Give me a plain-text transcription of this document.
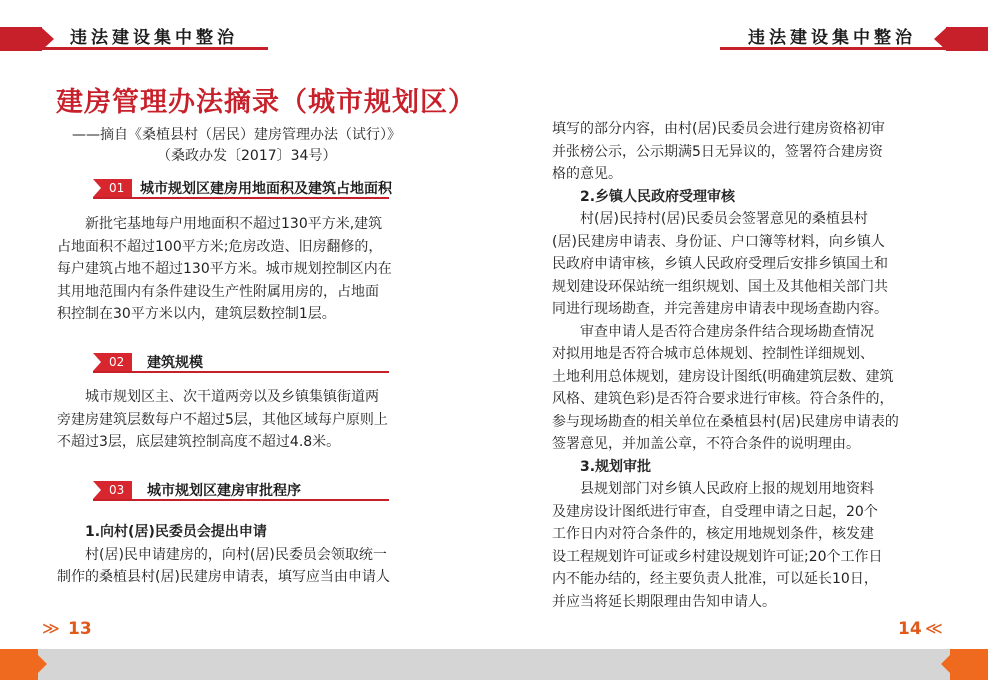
违法建设集中整治	违法建设集中整治
建房管理办法摘录（城市规划区）
——摘自《桑植县村（居民）建房管理办法（试行）》
（桑政办发〔2017〕34号）
01	城市规划区建房用地面积及建筑占地面积

新批宅基地每户用地面积不超过130平方米,建筑

占地面积不超过100平方米;危房改造、旧房翻修的，

每户建筑占地不超过130平方米。城市规划控制区内在

其用地范围内有条件建设生产性附属用房的，占地面

积控制在30平方米以内，建筑层数控制1层。

02	建筑规模

城市规划区主、次干道两旁以及乡镇集镇街道两

旁建房建筑层数每户不超过5层，其他区域每户原则上

不超过3层，底层建筑控制高度不超过4.8米。

03	城市规划区建房审批程序

1.向村(居)民委员会提出申请

村(居)民申请建房的，向村(居)民委员会领取统一

制作的桑植县村(居)民建房申请表，填写应当由申请人

≫ 13

填写的部分内容，由村(居)民委员会进行建房资格初审

并张榜公示，公示期满5日无异议的，签署符合建房资

格的意见。

2.乡镇人民政府受理审核

村(居)民持村(居)民委员会签署意见的桑植县村

(居)民建房申请表、身份证、户口簿等材料，向乡镇人

民政府申请审核，乡镇人民政府受理后安排乡镇国土和

规划建设环保站统一组织规划、国土及其他相关部门共

同进行现场勘查，并完善建房申请表中现场查勘内容。

审查申请人是否符合建房条件结合现场勘查情况

对拟用地是否符合城市总体规划、控制性详细规划、

土地利用总体规划，建房设计图纸(明确建筑层数、建筑

风格、建筑色彩)是否符合要求进行审核。符合条件的，

参与现场勘查的相关单位在桑植县村(居)民建房申请表的

签署意见，并加盖公章，不符合条件的说明理由。

3.规划审批

县规划部门对乡镇人民政府上报的规划用地资料

及建房设计图纸进行审查，自受理申请之日起，20个

工作日内对符合条件的，核定用地规划条件，核发建

设工程规划许可证或乡村建设规划许可证;20个工作日

内不能办结的，经主要负责人批准，可以延长10日，

并应当将延长期限理由告知申请人。

14 ≪
